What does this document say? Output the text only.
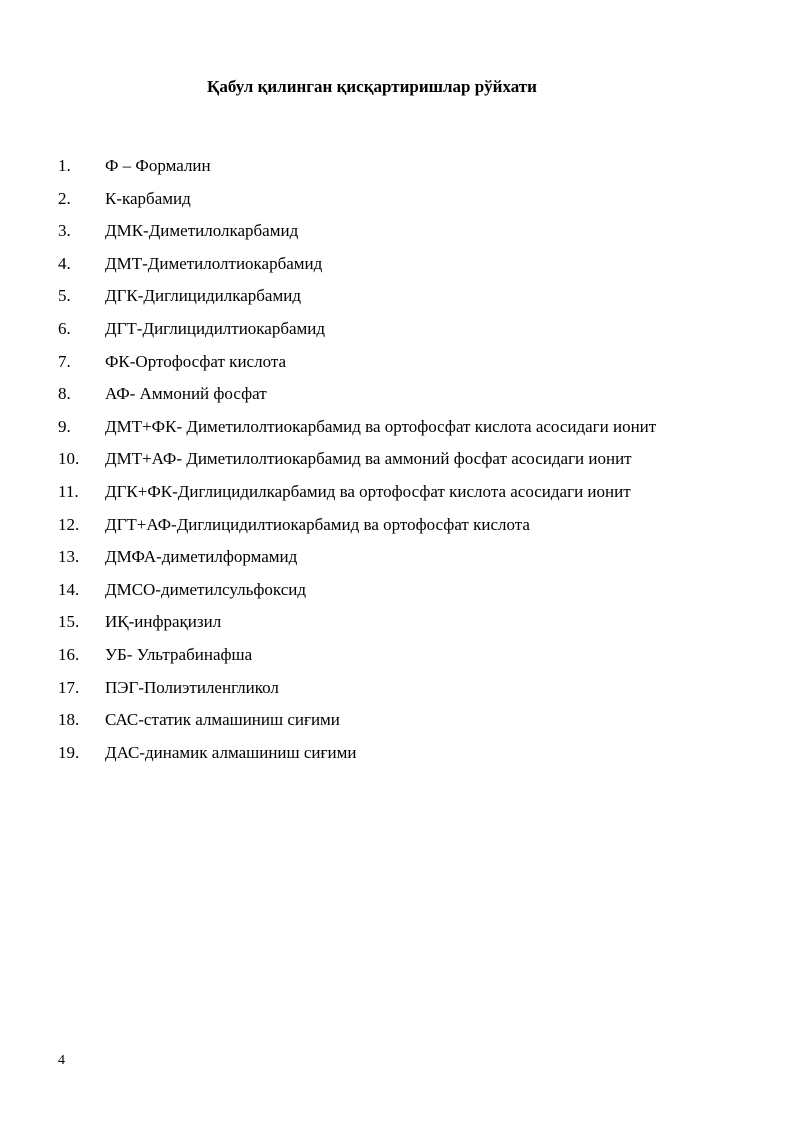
Қабул қилинган қисқартиришлар рўйхати
1. Ф – Формалин
2. К-карбамид
3. ДМК-Диметилолкарбамид
4. ДМТ-Диметилолтиокарбамид
5. ДГК-Диглицидилкарбамид
6. ДГТ-Диглицидилтиокарбамид
7. ФК-Ортофосфат кислота
8. АФ- Аммоний фосфат
9. ДМТ+ФК- Диметилолтиокарбамид ва ортофосфат кислота асосидаги ионит
10. ДМТ+АФ- Диметилолтиокарбамид ва аммоний фосфат асосидаги ионит
11. ДГК+ФК-Диглицидилкарбамид ва ортофосфат кислота асосидаги ионит
12. ДГТ+АФ-Диглицидилтиокарбамид ва ортофосфат кислота
13. ДМФА-диметилформамид
14. ДМСО-диметилсульфоксид
15. ИҚ-инфрақизил
16. УБ- Ультрабинафша
17. ПЭГ-Полиэтиленгликол
18. САС-статик алмашиниш сиғими
19. ДАС-динамик алмашиниш сиғими
4
